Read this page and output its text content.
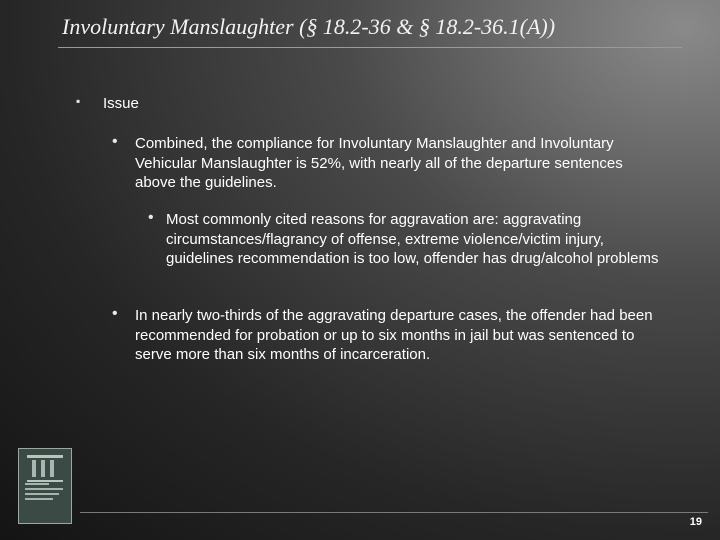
Involuntary Manslaughter (§ 18.2-36 & § 18.2-36.1(A))
▪ Issue
• Combined, the compliance for Involuntary Manslaughter and Involuntary Vehicular Manslaughter is 52%, with nearly all of the departure sentences above the guidelines.
• Most commonly cited reasons for aggravation are: aggravating circumstances/flagrancy of offense, extreme violence/victim injury, guidelines recommendation is too low, offender has drug/alcohol problems
• In nearly two-thirds of the aggravating departure cases, the offender had been recommended for probation or up to six months in jail but was sentenced to serve more than six months of incarceration.
19
